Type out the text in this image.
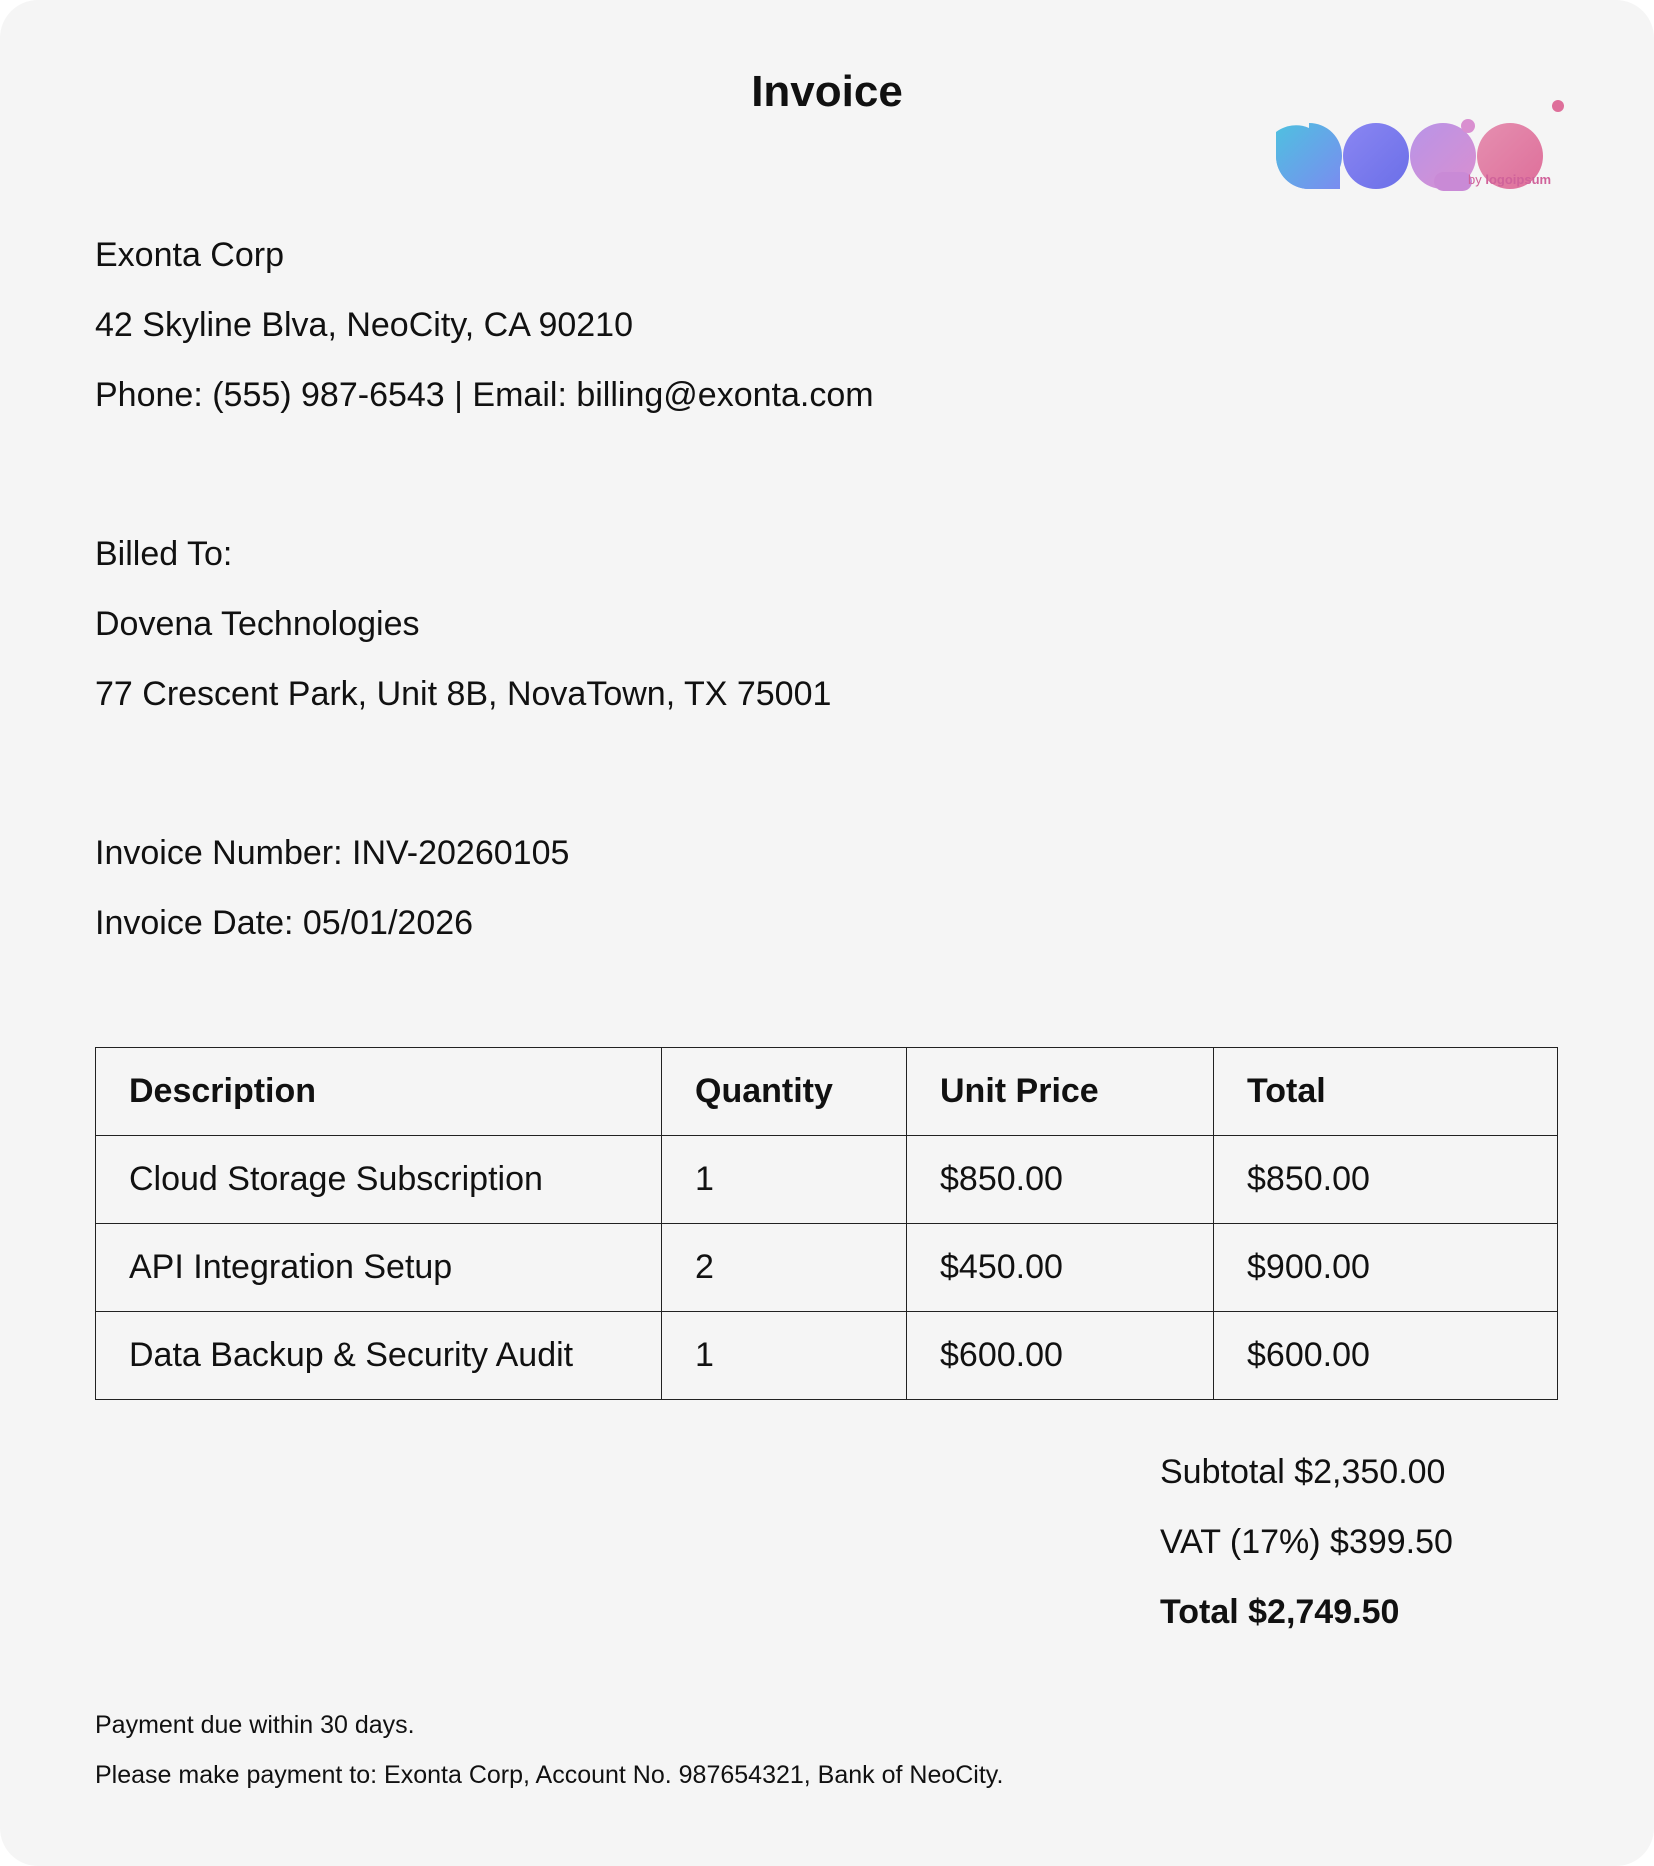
Invoice
by logoipsum
Exonta Corp
42 Skyline Blva, NeoCity, CA 90210
Phone: (555) 987-6543 | Email: billing@exonta.com
Billed To:
Dovena Technologies
77 Crescent Park, Unit 8B, NovaTown, TX 75001
Invoice Number: INV-20260105
Invoice Date: 05/01/2026
Description	Quantity	Unit Price	Total
Cloud Storage Subscription	1	$850.00	$850.00
API Integration Setup	2	$450.00	$900.00
Data Backup & Security Audit	1	$600.00	$600.00
Subtotal $2,350.00
VAT (17%) $399.50
Total $2,749.50
Payment due within 30 days.
Please make payment to: Exonta Corp, Account No. 987654321, Bank of NeoCity.
